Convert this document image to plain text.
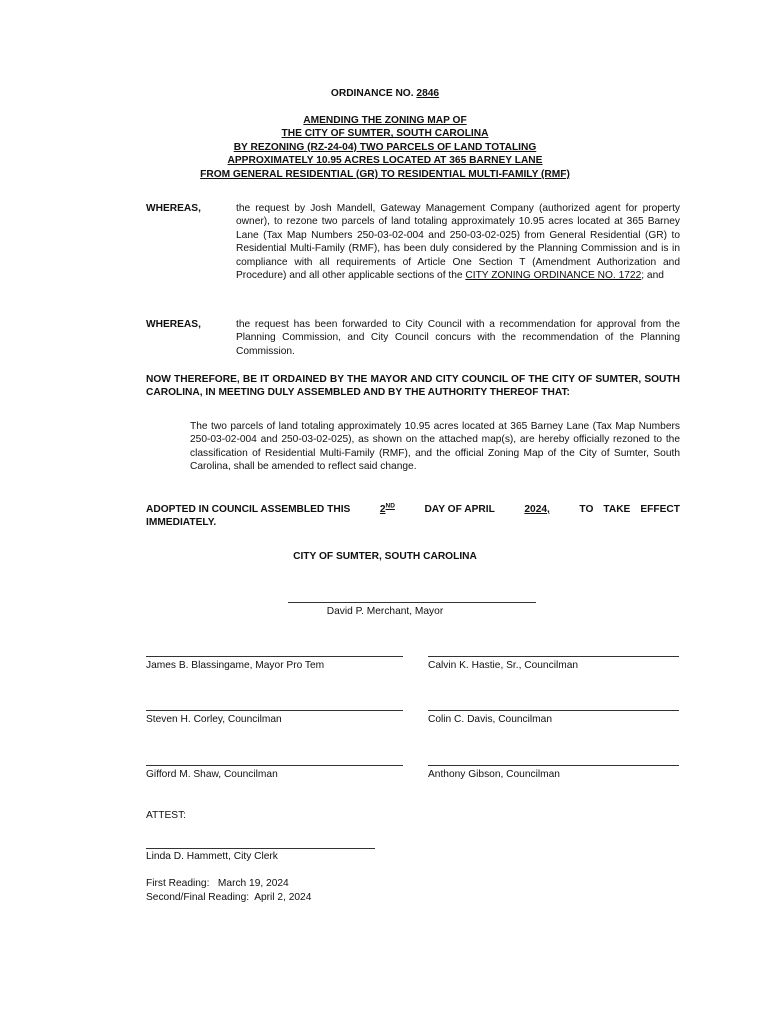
ORDINANCE NO. 2846
AMENDING THE ZONING MAP OF
THE CITY OF SUMTER, SOUTH CAROLINA
BY REZONING (RZ-24-04) TWO PARCELS OF LAND TOTALING
APPROXIMATELY 10.95 ACRES LOCATED AT 365 BARNEY LANE
FROM GENERAL RESIDENTIAL (GR) TO RESIDENTIAL MULTI-FAMILY (RMF)
WHEREAS,	the request by Josh Mandell, Gateway Management Company (authorized agent for property owner), to rezone two parcels of land totaling approximately 10.95 acres located at 365 Barney Lane (Tax Map Numbers 250-03-02-004 and 250-03-02-025) from General Residential (GR) to Residential Multi-Family (RMF), has been duly considered by the Planning Commission and is in compliance with all requirements of Article One Section T (Amendment Authorization and Procedure) and all other applicable sections of the CITY ZONING ORDINANCE NO. 1722; and
WHEREAS,	the request has been forwarded to City Council with a recommendation for approval from the Planning Commission, and City Council concurs with the recommendation of the Planning Commission.
NOW THEREFORE, BE IT ORDAINED BY THE MAYOR AND CITY COUNCIL OF THE CITY OF SUMTER, SOUTH CAROLINA, IN MEETING DULY ASSEMBLED AND BY THE AUTHORITY THEREOF THAT:
The two parcels of land totaling approximately 10.95 acres located at 365 Barney Lane (Tax Map Numbers 250-03-02-004 and 250-03-02-025), as shown on the attached map(s), are hereby officially rezoned to the classification of Residential Multi-Family (RMF), and the official Zoning Map of the City of Sumter, South Carolina, shall be amended to reflect said change.
ADOPTED IN COUNCIL ASSEMBLED THIS	2ND	DAY OF APRIL	2024,	TO TAKE EFFECT
IMMEDIATELY.
CITY OF SUMTER, SOUTH CAROLINA
David P. Merchant, Mayor
James B. Blassingame, Mayor Pro Tem	Calvin K. Hastie, Sr., Councilman
Steven H. Corley, Councilman	Colin C. Davis, Councilman
Gifford M. Shaw, Councilman	Anthony Gibson, Councilman
ATTEST:
Linda D. Hammett, City Clerk
First Reading: March 19, 2024
Second/Final Reading: April 2, 2024
